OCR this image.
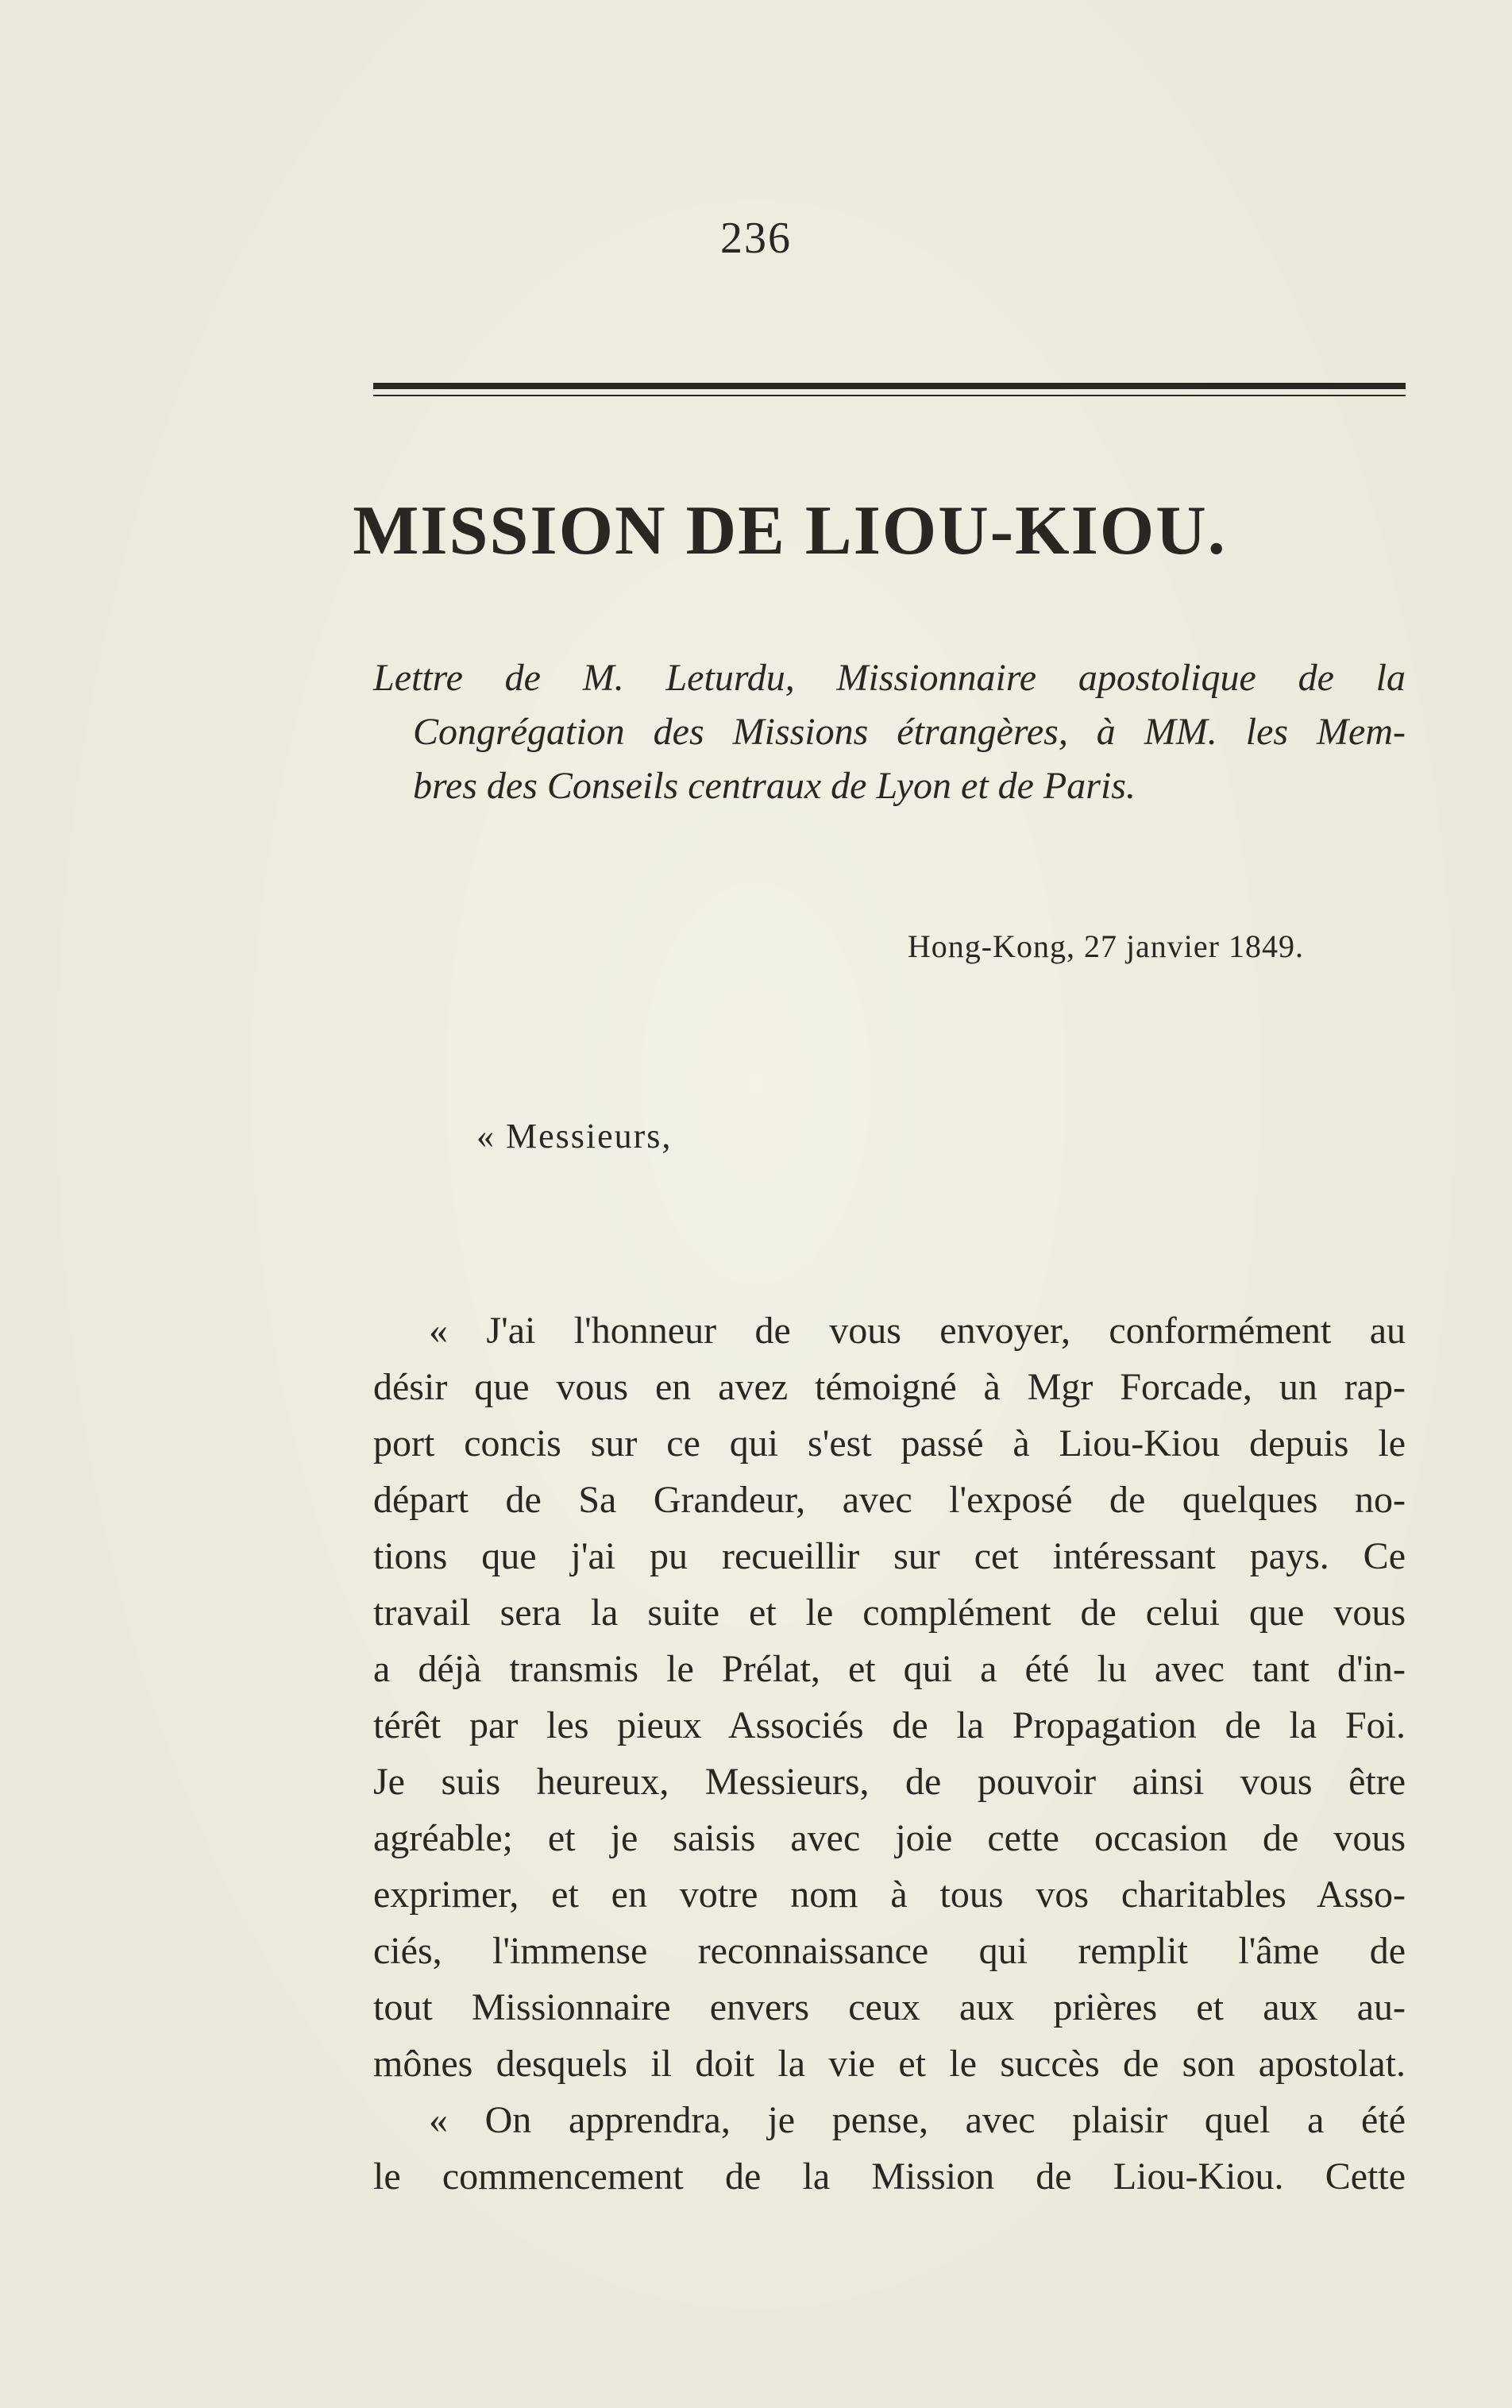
236
MISSION DE LIOU-KIOU.
Lettre de M. Leturdu, Missionnaire apostolique de la
Congrégation des Missions étrangères, à MM. les Mem-
bres des Conseils centraux de Lyon et de Paris.
Hong-Kong, 27 janvier 1849.
« Messieurs,
« J'ai l'honneur de vous envoyer, conformément au
désir que vous en avez témoigné à Mgr Forcade, un rap-
port concis sur ce qui s'est passé à Liou-Kiou depuis le
départ de Sa Grandeur, avec l'exposé de quelques no-
tions que j'ai pu recueillir sur cet intéressant pays. Ce
travail sera la suite et le complément de celui que vous
a déjà transmis le Prélat, et qui a été lu avec tant d'in-
térêt par les pieux Associés de la Propagation de la Foi.
Je suis heureux, Messieurs, de pouvoir ainsi vous être
agréable; et je saisis avec joie cette occasion de vous
exprimer, et en votre nom à tous vos charitables Asso-
ciés, l'immense reconnaissance qui remplit l'âme de
tout Missionnaire envers ceux aux prières et aux au-
mônes desquels il doit la vie et le succès de son apostolat.
« On apprendra, je pense, avec plaisir quel a été
le commencement de la Mission de Liou-Kiou. Cette
